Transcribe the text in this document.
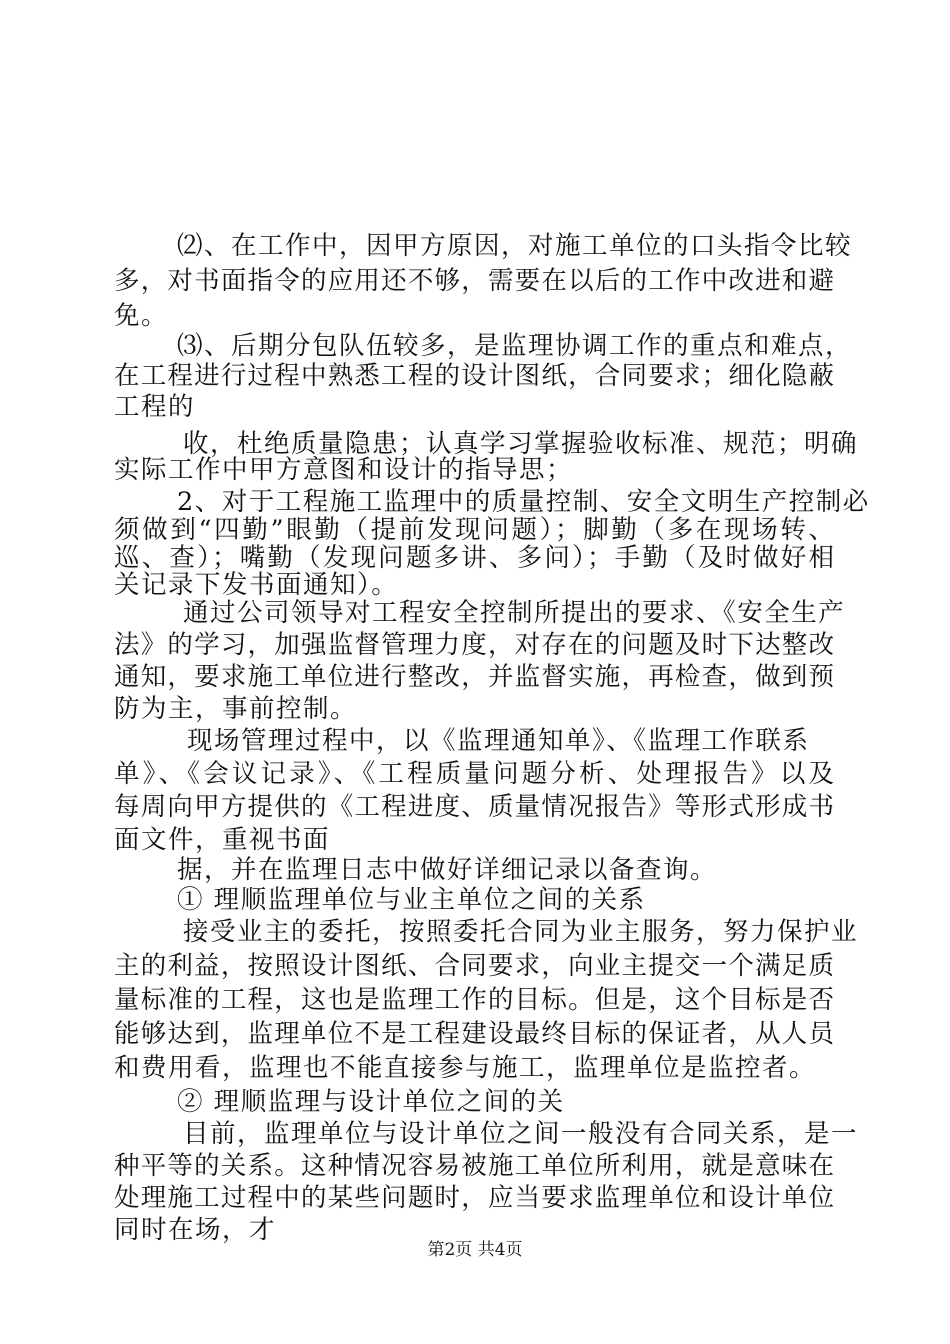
⑵、在工作中，因甲方原因，对施工单位的口头指令比较
多，对书面指令的应用还不够，需要在以后的工作中改进和避
免。
⑶、后期分包队伍较多，是监理协调工作的重点和难点，
在工程进行过程中熟悉工程的设计图纸，合同要求；细化隐蔽
工程的
收，杜绝质量隐患；认真学习掌握验收标准、规范；明确
实际工作中甲方意图和设计的指导思；
2、对于工程施工监理中的质量控制、安全文明生产控制必
须做到“四勤”眼勤（提前发现问题）；脚勤（多在现场转、
巡、查）；嘴勤（发现问题多讲、多问）；手勤（及时做好相
关记录下发书面通知）。
通过公司领导对工程安全控制所提出的要求、《安全生产
法》的学习，加强监督管理力度，对存在的问题及时下达整改
通知，要求施工单位进行整改，并监督实施，再检查，做到预
防为主，事前控制。
现场管理过程中，以《监理通知单》、《监理工作联系
单》、《会议记录》、《工程质量问题分析、处理报告》以及
每周向甲方提供的《工程进度、质量情况报告》等形式形成书
面文件，重视书面
据，并在监理日志中做好详细记录以备查询。
① 理顺监理单位与业主单位之间的关系
接受业主的委托，按照委托合同为业主服务，努力保护业
主的利益，按照设计图纸、合同要求，向业主提交一个满足质
量标准的工程，这也是监理工作的目标。但是，这个目标是否
能够达到，监理单位不是工程建设最终目标的保证者，从人员
和费用看，监理也不能直接参与施工，监理单位是监控者。
② 理顺监理与设计单位之间的关
目前，监理单位与设计单位之间一般没有合同关系，是一
种平等的关系。这种情况容易被施工单位所利用，就是意味在
处理施工过程中的某些问题时，应当要求监理单位和设计单位
同时在场，才
第2页 共4页
